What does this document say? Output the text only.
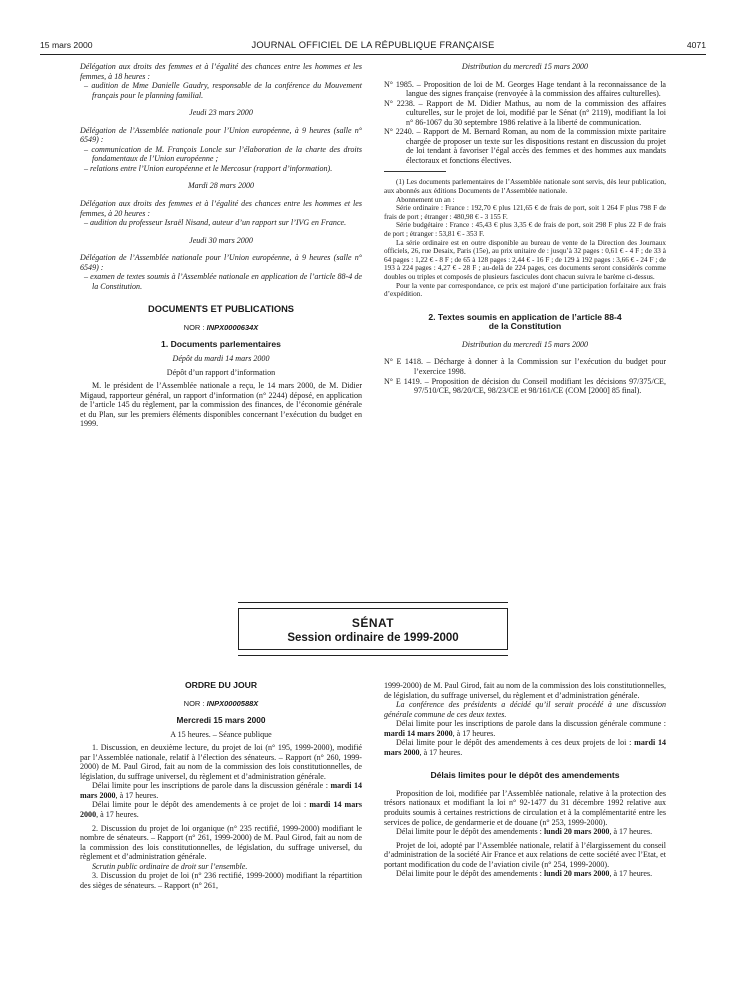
15 mars 2000	JOURNAL OFFICIEL DE LA RÉPUBLIQUE FRANÇAISE	4071

Délégation aux droits des femmes et à l’égalité des chances entre les hommes et les femmes, à 18 heures :

– audition de Mme Danielle Gaudry, responsable de la conférence du Mouvement français pour le planning familial.

Jeudi 23 mars 2000

Délégation de l’Assemblée nationale pour l’Union européenne, à 9 heures (salle n° 6549) :

– communication de M. François Loncle sur l’élaboration de la charte des droits fondamentaux de l’Union européenne ;

– relations entre l’Union européenne et le Mercosur (rapport d’information).

Mardi 28 mars 2000

Délégation aux droits des femmes et à l’égalité des chances entre les hommes et les femmes, à 20 heures :

– audition du professeur Israël Nisand, auteur d’un rapport sur l’IVG en France.

Jeudi 30 mars 2000

Délégation de l’Assemblée nationale pour l’Union européenne, à 9 heures (salle n° 6549) :

– examen de textes soumis à l’Assemblée nationale en application de l’article 88-4 de la Constitution.

DOCUMENTS ET PUBLICATIONS

NOR : INPX0000634X

1. Documents parlementaires

Dépôt du mardi 14 mars 2000

Dépôt d’un rapport d’information

M. le président de l’Assemblée nationale a reçu, le 14 mars 2000, de M. Didier Migaud, rapporteur général, un rapport d’information (n° 2244) déposé, en application de l’article 145 du règlement, par la commission des finances, de l’économie générale et du Plan, sur les premiers éléments disponibles concernant l’exécution du budget en 1999.

Distribution du mercredi 15 mars 2000

N° 1985. – Proposition de loi de M. Georges Hage tendant à la reconnaissance de la langue des signes française (renvoyée à la commission des affaires culturelles).

N° 2238. – Rapport de M. Didier Mathus, au nom de la commission des affaires culturelles, sur le projet de loi, modifié par le Sénat (n° 2119), modifiant la loi n° 86-1067 du 30 septembre 1986 relative à la liberté de communication.

N° 2240. – Rapport de M. Bernard Roman, au nom de la commission mixte paritaire chargée de proposer un texte sur les dispositions restant en discussion du projet de loi tendant à favoriser l’égal accès des femmes et des hommes aux mandats électoraux et fonctions électives.

(1) Les documents parlementaires de l’Assemblée nationale sont servis, dès leur publication, aux abonnés aux éditions Documents de l’Assemblée nationale.

Abonnement un an :

Série ordinaire : France : 192,70 € plus 121,65 € de frais de port, soit 1 264 F plus 798 F de frais de port ; étranger : 480,98 € - 3 155 F.

Série budgétaire : France : 45,43 € plus 3,35 € de frais de port, soit 298 F plus 22 F de frais de port ; étranger : 53,81 € - 353 F.

La série ordinaire est en outre disponible au bureau de vente de la Direction des Journaux officiels, 26, rue Desaix, Paris (15e), au prix unitaire de : jusqu’à 32 pages : 0,61 € - 4 F ; de 33 à 64 pages : 1,22 € - 8 F ; de 65 à 128 pages : 2,44 € - 16 F ; de 129 à 192 pages : 3,66 € - 24 F ; de 193 à 224 pages : 4,27 € - 28 F ; au-delà de 224 pages, ces documents seront considérés comme doubles ou triples et composés de plusieurs fascicules dont chacun suivra le barème ci-dessus.

Pour la vente par correspondance, ce prix est majoré d’une participation forfaitaire aux frais d’expédition.

2. Textes soumis en application de l’article 88-4
de la Constitution

Distribution du mercredi 15 mars 2000

N° E 1418. – Décharge à donner à la Commission sur l’exécution du budget pour l’exercice 1998.

N° E 1419. – Proposition de décision du Conseil modifiant les décisions 97/375/CE, 97/510/CE, 98/20/CE, 98/23/CE et 98/161/CE (COM [2000] 85 final).

SÉNAT
Session ordinaire de 1999-2000

ORDRE DU JOUR

NOR : INPX0000588X

Mercredi 15 mars 2000

A 15 heures. – Séance publique

1. Discussion, en deuxième lecture, du projet de loi (n° 195, 1999-2000), modifié par l’Assemblée nationale, relatif à l’élection des sénateurs. – Rapport (n° 260, 1999-2000) de M. Paul Girod, fait au nom de la commission des lois constitutionnelles, de législation, du suffrage universel, du règlement et d’administration générale.

Délai limite pour les inscriptions de parole dans la discussion générale : mardi 14 mars 2000, à 17 heures.

Délai limite pour le dépôt des amendements à ce projet de loi : mardi 14 mars 2000, à 17 heures.

2. Discussion du projet de loi organique (n° 235 rectifié, 1999-2000) modifiant le nombre de sénateurs. – Rapport (n° 261, 1999-2000) de M. Paul Girod, fait au nom de la commission des lois constitutionnelles, de législation, du suffrage universel, du règlement et d’administration générale.

Scrutin public ordinaire de droit sur l’ensemble.

3. Discussion du projet de loi (n° 236 rectifié, 1999-2000) modifiant la répartition des sièges de sénateurs. – Rapport (n° 261,

1999-2000) de M. Paul Girod, fait au nom de la commission des lois constitutionnelles, de législation, du suffrage universel, du règlement et d’administration générale.

La conférence des présidents a décidé qu’il serait procédé à une discussion générale commune de ces deux textes.

Délai limite pour les inscriptions de parole dans la discussion générale commune : mardi 14 mars 2000, à 17 heures.

Délai limite pour le dépôt des amendements à ces deux projets de loi : mardi 14 mars 2000, à 17 heures.

Délais limites pour le dépôt des amendements

Proposition de loi, modifiée par l’Assemblée nationale, relative à la protection des trésors nationaux et modifiant la loi n° 92-1477 du 31 décembre 1992 relative aux produits soumis à certaines restrictions de circulation et à la complémentarité entre les services de police, de gendarmerie et de douane (n° 253, 1999-2000).

Délai limite pour le dépôt des amendements : lundi 20 mars 2000, à 17 heures.

Projet de loi, adopté par l’Assemblée nationale, relatif à l’élargissement du conseil d’administration de la société Air France et aux relations de cette société avec l’Etat, et portant modification du code de l’aviation civile (n° 254, 1999-2000).

Délai limite pour le dépôt des amendements : lundi 20 mars 2000, à 17 heures.
